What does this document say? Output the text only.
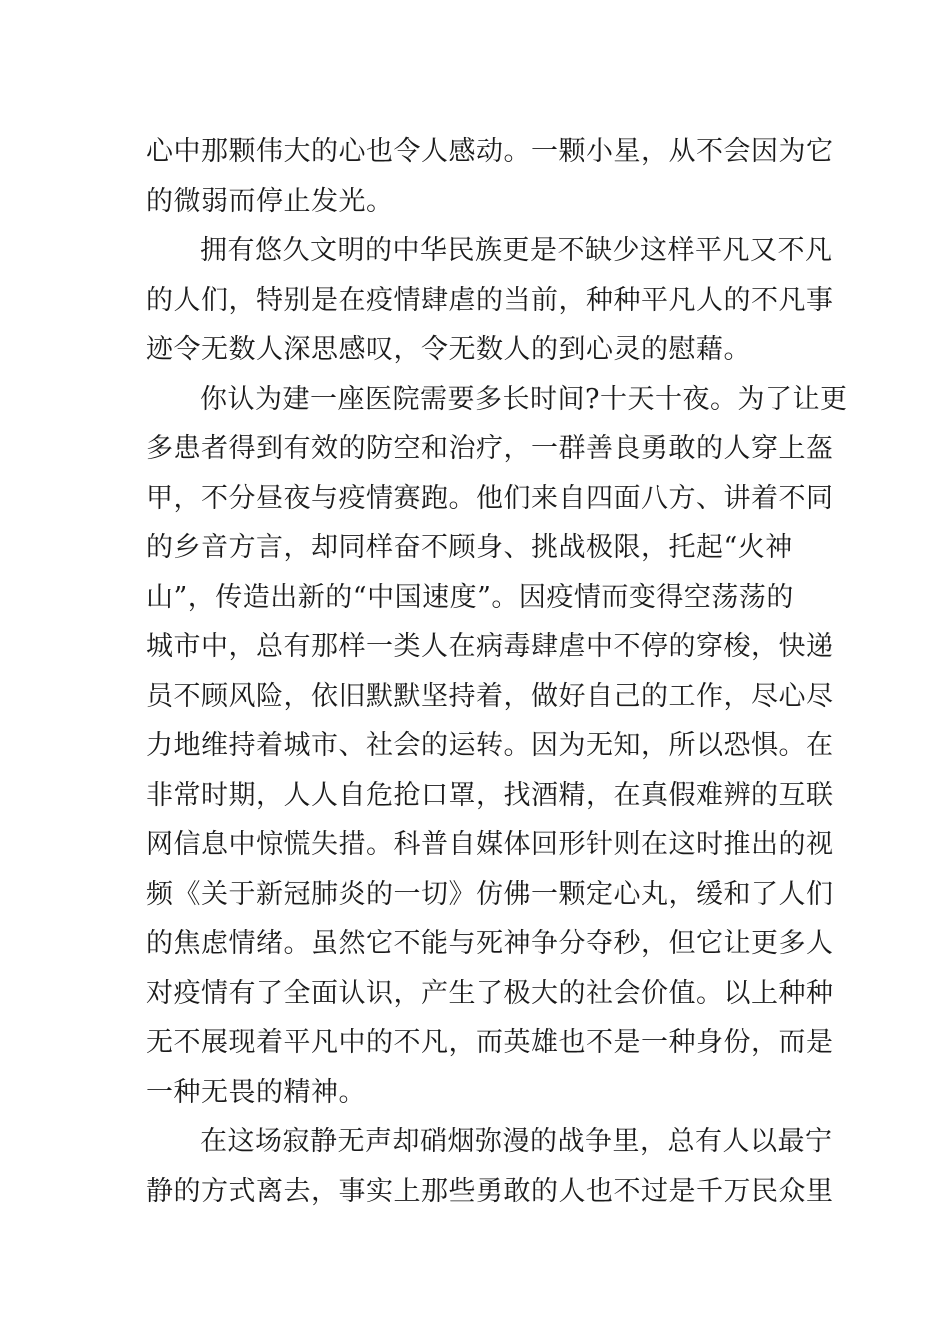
心中那颗伟大的心也令人感动。一颗小星，从不会因为它
的微弱而停止发光。
拥有悠久文明的中华民族更是不缺少这样平凡又不凡
的人们，特别是在疫情肆虐的当前，种种平凡人的不凡事
迹令无数人深思感叹，令无数人的到心灵的慰藉。
你认为建一座医院需要多长时间?十天十夜。为了让更
多患者得到有效的防空和治疗，一群善良勇敢的人穿上盔
甲，不分昼夜与疫情赛跑。他们来自四面八方、讲着不同
的乡音方言，却同样奋不顾身、挑战极限，托起“火神
山”，传造出新的“中国速度”。因疫情而变得空荡荡的
城市中，总有那样一类人在病毒肆虐中不停的穿梭，快递
员不顾风险，依旧默默坚持着，做好自己的工作，尽心尽
力地维持着城市、社会的运转。因为无知，所以恐惧。在
非常时期，人人自危抢口罩，找酒精，在真假难辨的互联
网信息中惊慌失措。科普自媒体回形针则在这时推出的视
频《关于新冠肺炎的一切》仿佛一颗定心丸，缓和了人们
的焦虑情绪。虽然它不能与死神争分夺秒，但它让更多人
对疫情有了全面认识，产生了极大的社会价值。以上种种
无不展现着平凡中的不凡，而英雄也不是一种身份，而是
一种无畏的精神。
在这场寂静无声却硝烟弥漫的战争里，总有人以最宁
静的方式离去，事实上那些勇敢的人也不过是千万民众里
